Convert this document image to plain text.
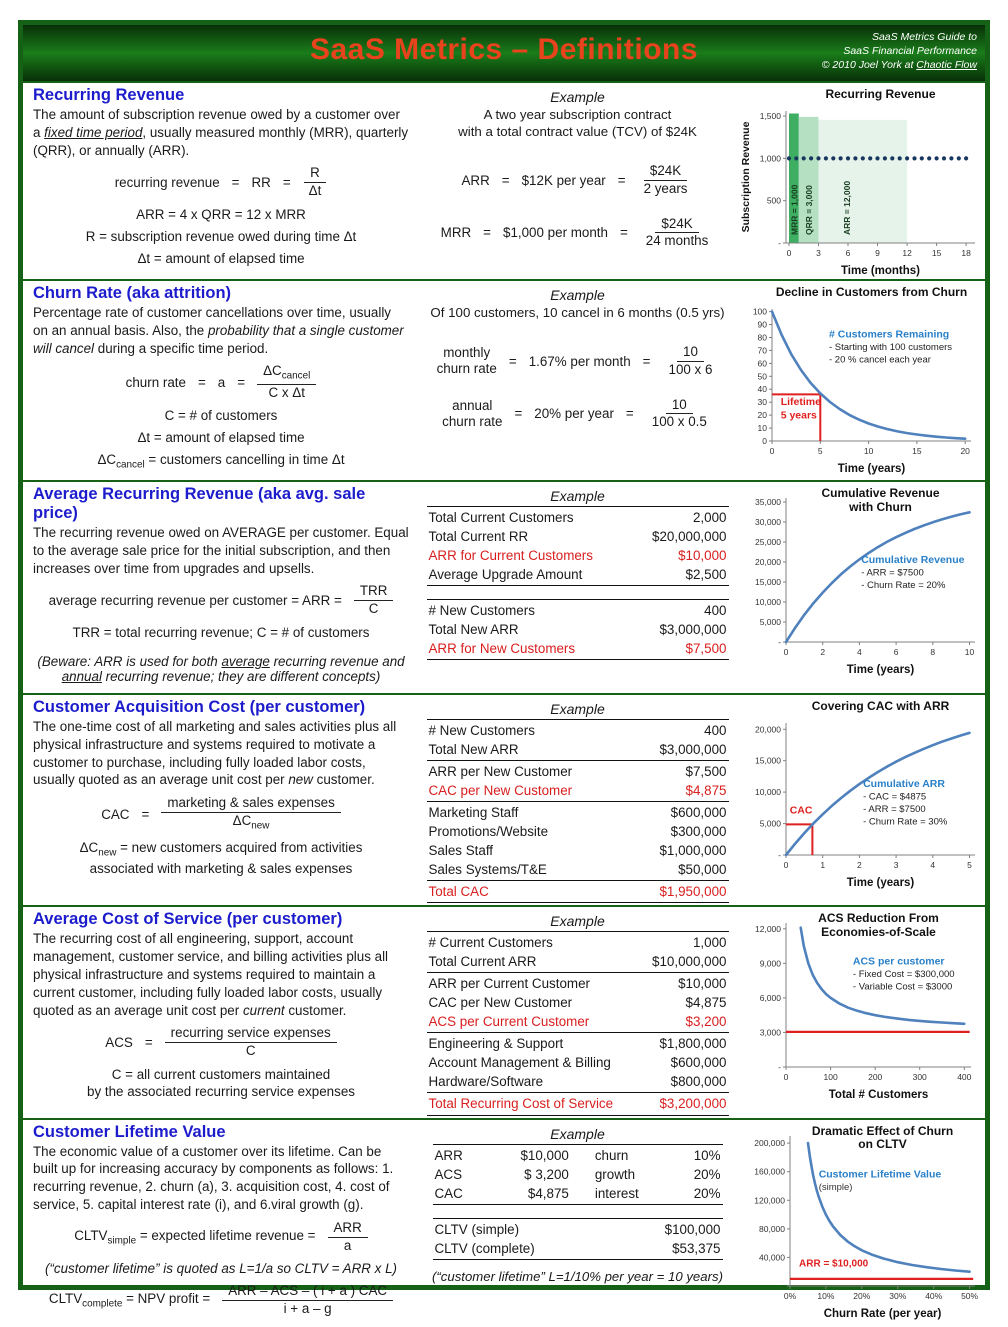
SaaS Metrics – Definitions	SaaS Metrics Guide to
SaaS Financial Performance
© 2010 Joel York at Chaotic Flow
Recurring Revenue

The amount of subscription revenue owed by a customer over a fixed time period, usually measured monthly (MRR), quarterly (QRR), or annually (ARR).

recurring revenue = RR = $\frac{R}{\Delta t}$
ARR = 4 x QRR = 12 x MRR
R = subscription revenue owed during time Δt
Δt = amount of elapsed time
Example
A two year subscription contract
with a total contract value (TCV) of $24K
ARR = $12K per year = $\frac{\$24K}{\text{2 years}}$
MRR = $1,000 per month = $\frac{\$24K}{\text{24 months}}$	MRR = 1,000 QRR = 3,000	ARR = 12,000
-
500
1,000
1,500
0	3	6	9	12 15 18
Time (months)
Subscription Revenue
Recurring Revenue
Churn Rate (aka attrition)

Percentage rate of customer cancellations over time, usually on an annual basis. Also, the probability that a single customer will cancel during a specific time period.

churn rate = $a = \frac{\Delta C_{cancel}}{\text{C x Δt}}$
C = # of customers
Δt = amount of elapsed time
$\Delta C_{cancel}$ = customers cancelling in time Δt
Example
Of 100 customers, 10 cancel in 6 months (0.5 yrs)
monthly
churn rate = 1.67% per month = $\frac{10}{100 x 6}$
annual
churn rate = 20% per year = $\frac{10}{100 x 0.5}$
0
10
20
30
40
50
60
70
80
90
100
0	5	10	15	20
# Customers Remaining - Starting with 100 customers - 20 % cancel each year
Lifetime 5 years
Time (years)
Decline in Customers from Churn
Average Recurring Revenue (aka avg. sale price)

The recurring revenue owed on AVERAGE per customer. Equal to the average sale price for the initial subscription, and then increases over time from upgrades and upsells.

average recurring revenue per customer = ARR = $\frac{\text{TRR}}{C}$
TRR = total recurring revenue; C = # of customers
(Beware: ARR is used for both average recurring revenue and annual recurring revenue; they are different concepts)
Example
Total Current Customers	2,000
Total Current RR	$20,000,000
ARR for Current Customers	$10,000
Average Upgrade Amount	$2,500
# New Customers	400
Total New ARR	$3,000,000
ARR for New Customers	$7,500	-
5,000
10,000
15,000
20,000
25,000
30,000
35,000
0	2	4	6	8	10
Cumulative Revenue - ARR = $7500 - Churn Rate = 20%
Time (years)
Cumulative Revenue
with Churn
Customer Acquisition Cost (per customer)

The one-time cost of all marketing and sales activities plus all physical infrastructure and systems required to motivate a customer to purchase, including fully loaded labor costs, usually quoted as an average unit cost per new customer.

CAC = $\frac{\text{marketing \& sales expenses}}{\Delta C_{new}}$
$\Delta C_{new}$ = new customers acquired from activities
associated with marketing & sales expenses
Example
# New Customers	400
Total New ARR	$3,000,000
ARR per New Customer	$7,500
CAC per New Customer	$4,875
Marketing Staff	$600,000
Promotions/Website	$300,000
Sales Staff	$1,000,000
Sales Systems/T&E	$50,000
Total CAC	$1,950,000
-
5,000
10,000
15,000
20,000
0	1	2	3	4	5
Cumulative ARR - CAC = $4875 - ARR = $7500 - Churn Rate = 30%
CAC
Time (years)
Covering CAC with ARR
Average Cost of Service (per customer)

The recurring cost of all engineering, support, account management, customer service, and billing activities plus all physical infrastructure and systems required to maintain a current customer, including fully loaded labor costs, usually quoted as an average unit cost per current customer.

ACS = $\frac{\text{recurring service expenses}}{C}$
C = all current customers maintained
by the associated recurring service expenses
Example
# Current Customers	1,000
Total Current ARR	$10,000,000
ARR per Current Customer	$10,000
CAC per New Customer	$4,875
ACS per Current Customer	$3,200
Engineering & Support	$1,800,000
Account Management & Billing	$600,000
Hardware/Software	$800,000
Total Recurring Cost of Service	$3,200,000
-
3,000
6,000
9,000
12,000
0	100	200	300	400
ACS per customer - Fixed Cost = $300,000 - Variable Cost = $3000
Total # Customers
ACS Reduction From
Economies-of-Scale
Customer Lifetime Value

The economic value of a customer over its lifetime. Can be built up for increasing accuracy by components as follows: 1. recurring revenue, 2. churn (a), 3. acquisition cost, 4. cost of service, 5. capital interest rate (i), and 6.viral growth (g).

$CLTV_{simple}$ = expected lifetime revenue = $\frac{\text{ARR}}{a}$
(“customer lifetime” is quoted as L=1/a so CLTV = ARR x L)
$CLTV_{complete}$ = NPV profit = $\frac{\text{ARR – ACS – ( i + a ) CAC}}{i + a - g}$
Example
ARR	$10,000	churn	10%
ACS	$ 3,200	growth	20%
CAC	$4,875	interest	20%
CLTV (simple)	$100,000
CLTV (complete)	$53,375
(“customer lifetime” L=1/10% per year = 10 years)
-
40,000
80,000
120,000
160,000
200,000
0% 10% 20% 30% 40% 50%
Customer Lifetime Value (simple)
ARR = $10,000
Churn Rate (per year)
Dramatic Effect of Churn
on CLTV
